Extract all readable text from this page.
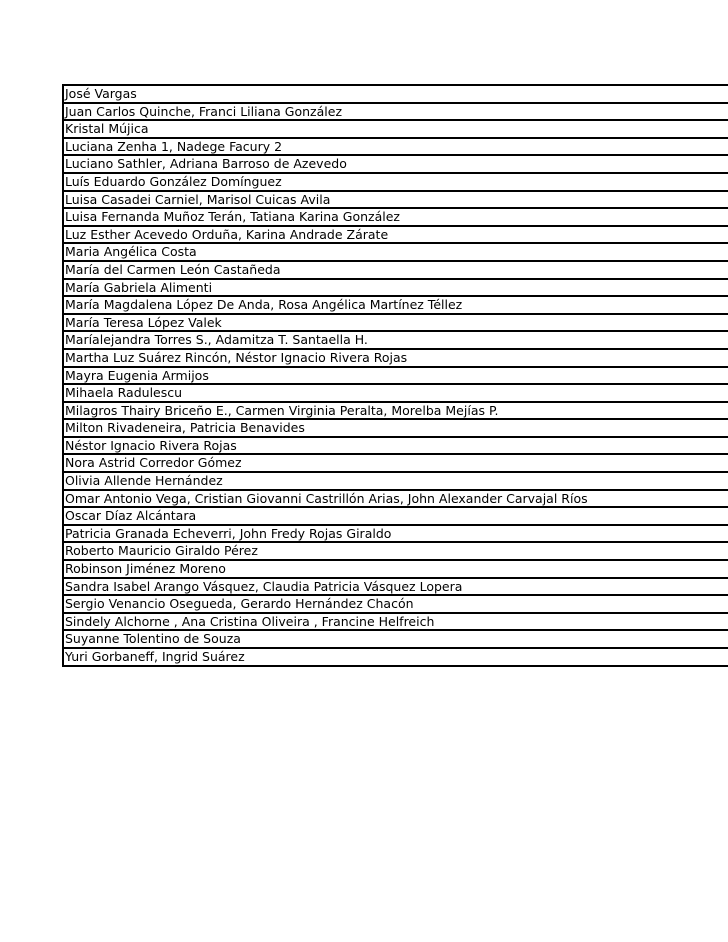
José Vargas
Juan Carlos Quinche, Franci Liliana González
Kristal Mújica
Luciana Zenha 1, Nadege Facury 2
Luciano Sathler, Adriana Barroso de Azevedo
Luís Eduardo González Domínguez
Luisa Casadei Carniel, Marisol Cuicas Avila
Luisa Fernanda Muñoz Terán, Tatiana Karina González
Luz Esther Acevedo Orduña, Karina Andrade Zárate
Maria Angélica Costa
María del Carmen León Castañeda
María Gabriela Alimenti
María Magdalena López De Anda, Rosa Angélica Martínez Téllez
María Teresa López Valek
Maríalejandra Torres S., Adamitza T. Santaella H.
Martha Luz Suárez Rincón, Néstor Ignacio Rivera Rojas
Mayra Eugenia Armijos
Mihaela Radulescu
Milagros Thairy Briceño E., Carmen Virginia Peralta, Morelba Mejías P.
Milton Rivadeneira, Patricia Benavides
Néstor Ignacio Rivera Rojas
Nora Astrid Corredor Gómez
Olivia Allende Hernández
Omar Antonio Vega, Cristian Giovanni Castrillón Arias, John Alexander Carvajal Ríos
Oscar Díaz Alcántara
Patricia Granada Echeverri, John Fredy Rojas Giraldo
Roberto Mauricio Giraldo Pérez
Robinson Jiménez Moreno
Sandra Isabel Arango Vásquez, Claudia Patricia Vásquez Lopera
Sergio Venancio Osegueda, Gerardo Hernández Chacón
Sindely Alchorne , Ana Cristina Oliveira , Francine Helfreich
Suyanne Tolentino de Souza
Yuri Gorbaneff, Ingrid Suárez
